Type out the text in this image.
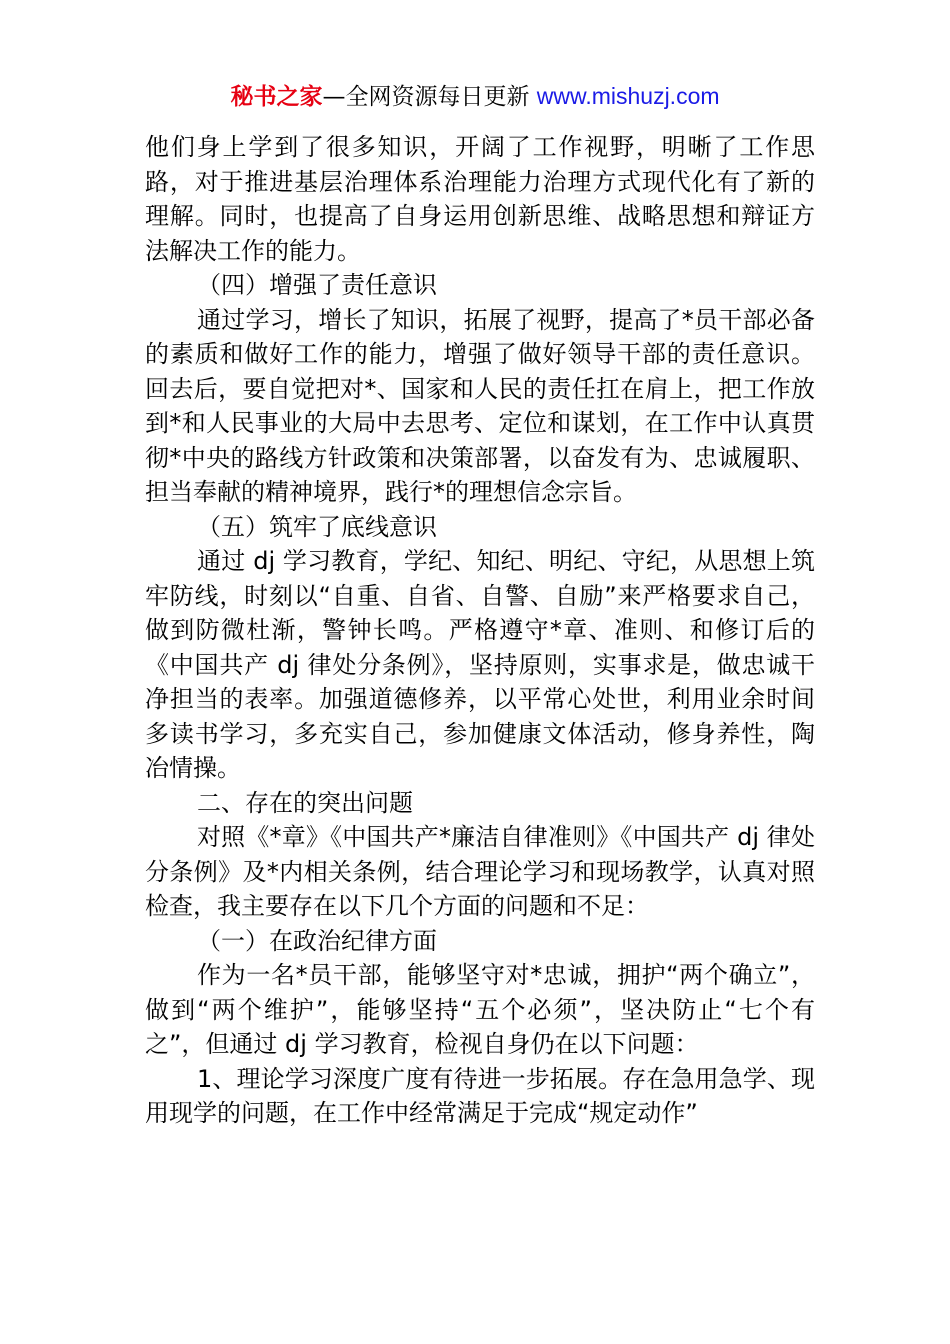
秘书之家—全网资源每日更新 www.mishuzj.com

他们身上学到了很多知识，开阔了工作视野，明晰了工作思路，对于推进基层治理体系治理能力治理方式现代化有了新的理解。同时，也提高了自身运用创新思维、战略思想和辩证方法解决工作的能力。

（四）增强了责任意识

通过学习，增长了知识，拓展了视野，提高了*员干部必备的素质和做好工作的能力，增强了做好领导干部的责任意识。回去后，要自觉把对*、国家和人民的责任扛在肩上，把工作放到*和人民事业的大局中去思考、定位和谋划，在工作中认真贯彻*中央的路线方针政策和决策部署，以奋发有为、忠诚履职、担当奉献的精神境界，践行*的理想信念宗旨。

（五）筑牢了底线意识

通过 dj 学习教育，学纪、知纪、明纪、守纪，从思想上筑牢防线，时刻以“自重、自省、自警、自励”来严格要求自己，做到防微杜渐，警钟长鸣。严格遵守*章、准则、和修订后的《中国共产 dj 律处分条例》，坚持原则，实事求是，做忠诚干净担当的表率。加强道德修养，以平常心处世，利用业余时间多读书学习，多充实自己，参加健康文体活动，修身养性，陶冶情操。

二、存在的突出问题

对照《*章》《中国共产*廉洁自律准则》《中国共产 dj 律处分条例》及*内相关条例，结合理论学习和现场教学，认真对照检查，我主要存在以下几个方面的问题和不足：

（一）在政治纪律方面

作为一名*员干部，能够坚守对*忠诚，拥护“两个确立”，做到“两个维护”，能够坚持“五个必须”，坚决防止“七个有之”，但通过 dj 学习教育，检视自身仍在以下问题：

1、理论学习深度广度有待进一步拓展。存在急用急学、现用现学的问题，在工作中经常满足于完成“规定动作”
